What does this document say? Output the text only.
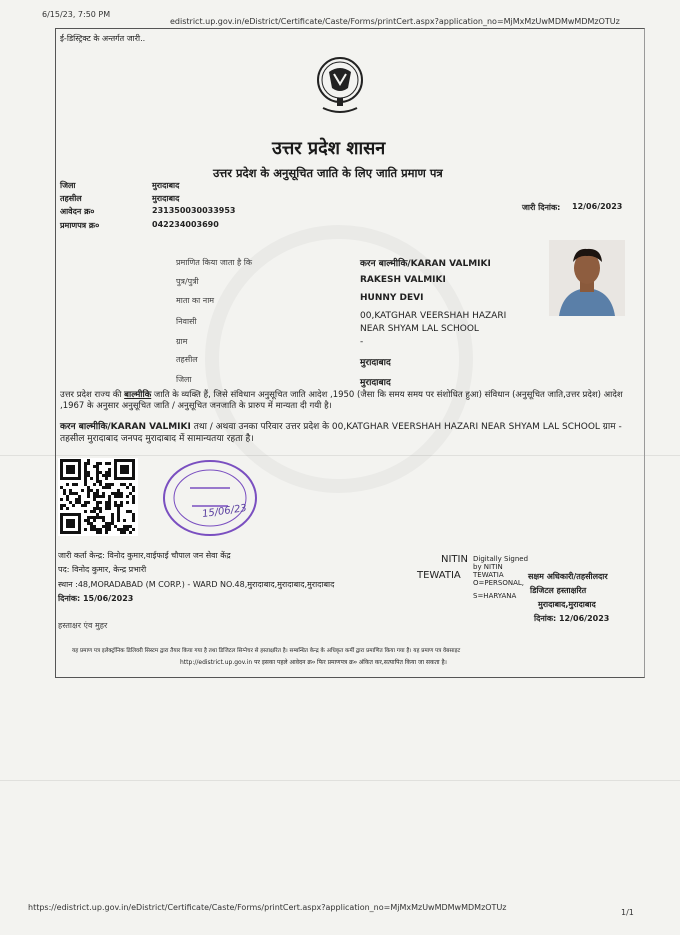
6/15/23, 7:50 PM
edistrict.up.gov.in/eDistrict/Certificate/Caste/Forms/printCert.aspx?application_no=MjMxMzUwMDMwMDMzOTUz
https://edistrict.up.gov.in/eDistrict/Certificate/Caste/Forms/printCert.aspx?application_no=MjMxMzUwMDMwMDMzOTUz
1/1
ई-डिस्ट्रिक्ट के अन्तर्गत जारी..
उत्तर प्रदेश शासन
उत्तर प्रदेश के अनुसूचित जाति के लिए जाति प्रमाण पत्र
जिला	मुरादाबाद
तहसील	मुरादाबाद
आवेदन क्र०	231350030033953
प्रमाणपत्र क्र०	042234003690
जारी दिनांक: 12/06/2023
प्रमाणित किया जाता है कि	करन बाल्मीकि/KARAN VALMIKI
पुत्र/पुत्री	RAKESH VALMIKI
माता का नाम	HUNNY DEVI
निवासी
00,KATGHAR VEERSHAH HAZARI
NEAR SHYAM LAL SCHOOL
ग्राम	-
तहसील	मुरादाबाद
जिला	मुरादाबाद
उत्तर प्रदेश राज्य की बाल्मीकि जाति के व्यक्ति हैं, जिसे संविधान अनुसूचित जाति आदेश ,1950 (जैसा कि समय समय पर संशोधित हुआ) संविधान (अनुसूचित जाति,उत्तर प्रदेश) आदेश ,1967 के अनुसार अनुसूचित जाति / अनुसूचित जनजाति के प्रारुप में मान्यता दी गयी है।
करन बाल्मीकि/KARAN VALMIKI तथा / अथवा उनका परिवार उत्तर प्रदेश के 00,KATGHAR VEERSHAH HAZARI NEAR SHYAM LAL SCHOOL ग्राम - तहसील मुरादाबाद जनपद मुरादाबाद में सामान्यतया रहता है।
15/06/23
जारी कर्ता केन्द्र: विनोद कुमार,वाईफाई चौपाल जन सेवा केंद्र
पद: विनोद कुमार, केन्द्र प्रभारी
स्थान :48,MORADABAD (M CORP.) - WARD NO.48,मुरादाबाद,मुरादाबाद,मुरादाबाद
दिनांक: 15/06/2023
हस्ताक्षर एंव मुहर
NITIN
TEWATIA
Digitally Signed
by NITIN
TEWATIA
O=PERSONAL,
S=HARYANA
सक्षम अधिकारी/तहसीलदार
डिजिटल हस्ताक्षरित
मुरादाबाद,मुरादाबाद
दिनांक: 12/06/2023
यह प्रमाण पत्र इलेक्ट्रॉनिक डिलिवरी सिस्टम द्वारा तैयार किया गया है तथा डिजिटल सिग्नेचर से हस्ताक्षरित है। सम्बन्धित केन्द्र के अधिकृत कर्मी द्वारा प्रमाणित किया गया है। यह प्रमाण पत्र वेबसाइट
http://edistrict.up.gov.in पर इसका पहले आवेदन क्र० फिर प्रमाणपत्र क्र० अंकित कर,सत्यापित किया जा सकता है।
